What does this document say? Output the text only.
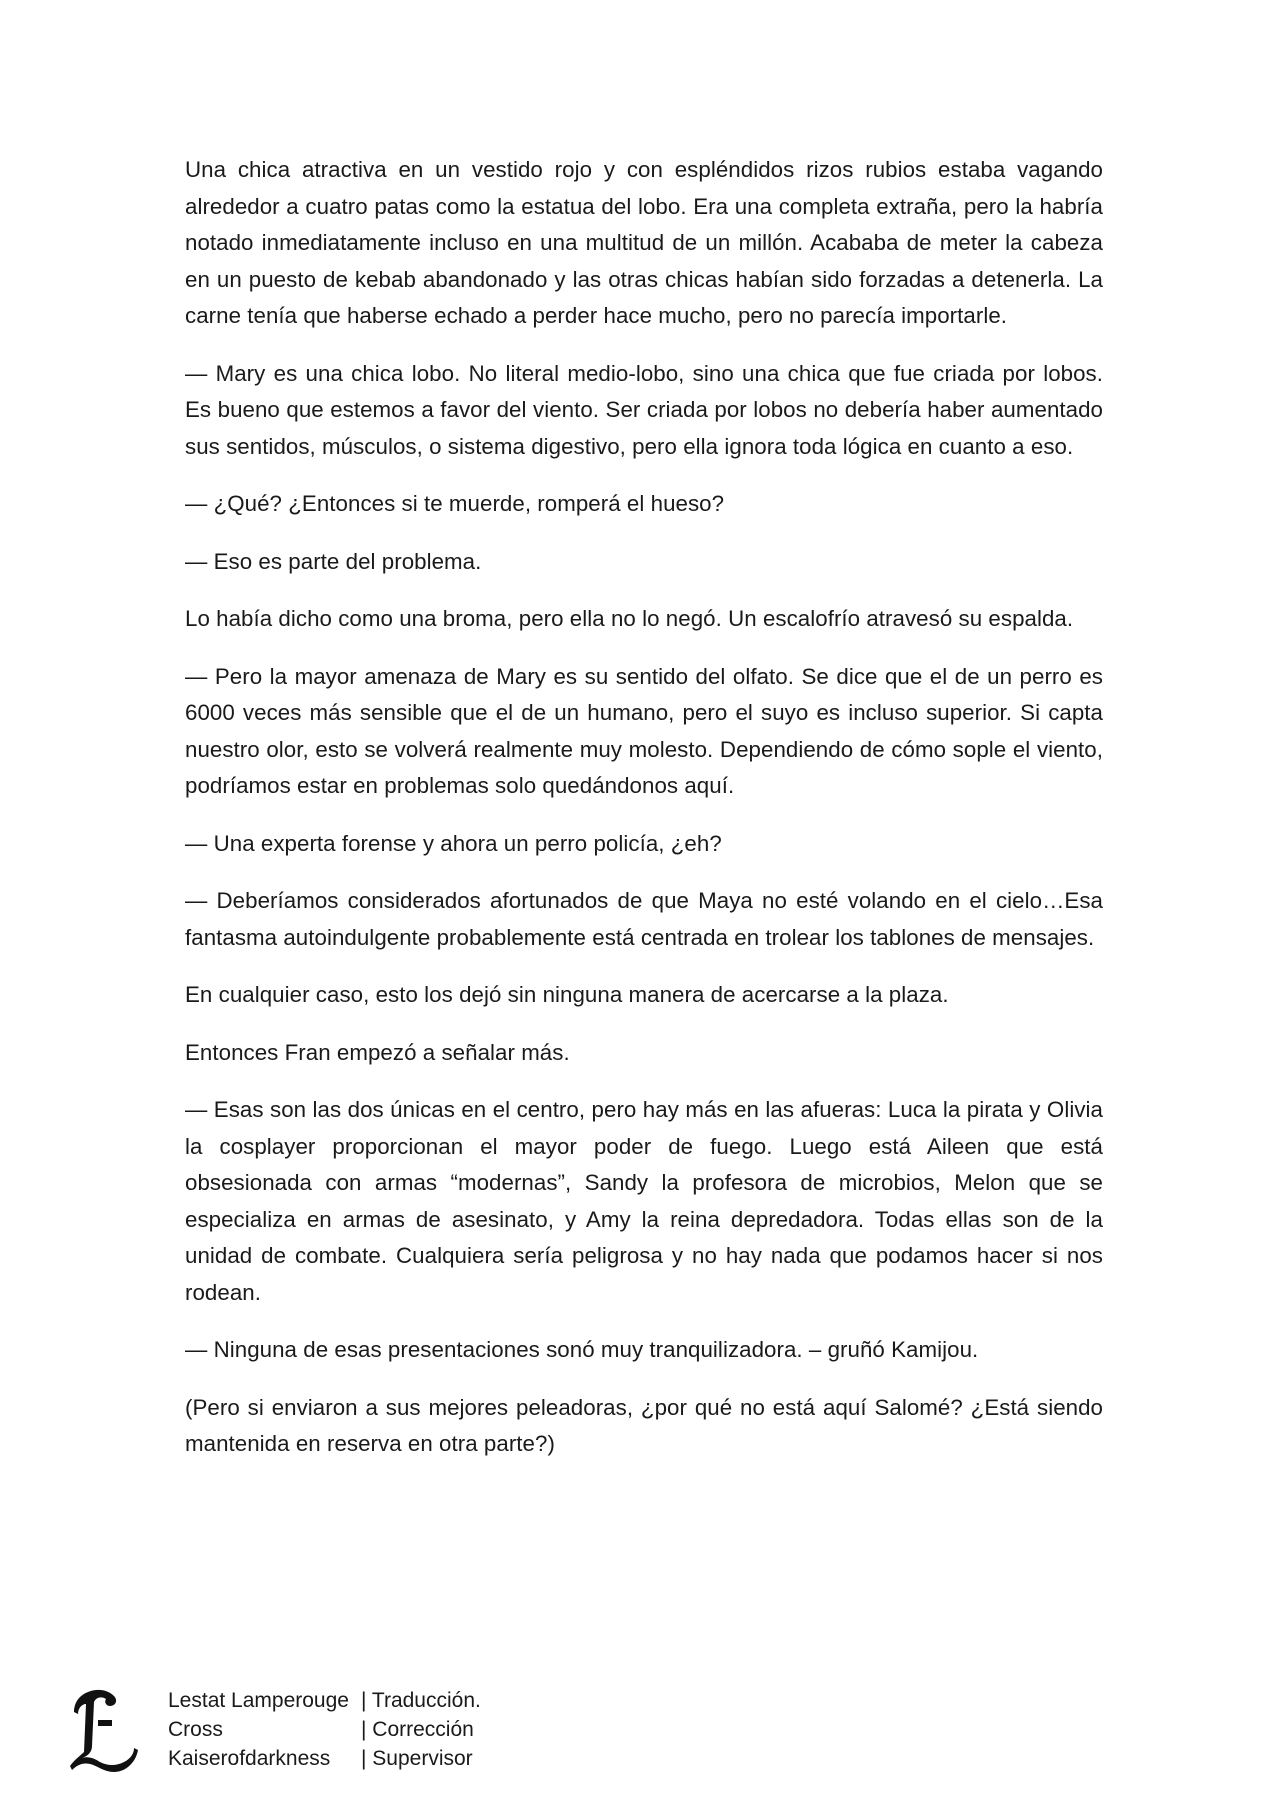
Una chica atractiva en un vestido rojo y con espléndidos rizos rubios estaba vagando alrededor a cuatro patas como la estatua del lobo. Era una completa extraña, pero la habría notado inmediatamente incluso en una multitud de un millón. Acababa de meter la cabeza en un puesto de kebab abandonado y las otras chicas habían sido forzadas a detenerla. La carne tenía que haberse echado a perder hace mucho, pero no parecía importarle.

— Mary es una chica lobo. No literal medio-lobo, sino una chica que fue criada por lobos. Es bueno que estemos a favor del viento. Ser criada por lobos no debería haber aumentado sus sentidos, músculos, o sistema digestivo, pero ella ignora toda lógica en cuanto a eso.

— ¿Qué? ¿Entonces si te muerde, romperá el hueso?

— Eso es parte del problema.

Lo había dicho como una broma, pero ella no lo negó. Un escalofrío atravesó su espalda.

— Pero la mayor amenaza de Mary es su sentido del olfato. Se dice que el de un perro es 6000 veces más sensible que el de un humano, pero el suyo es incluso superior. Si capta nuestro olor, esto se volverá realmente muy molesto. Dependiendo de cómo sople el viento, podríamos estar en problemas solo quedándonos aquí.

— Una experta forense y ahora un perro policía, ¿eh?

— Deberíamos considerados afortunados de que Maya no esté volando en el cielo…Esa fantasma autoindulgente probablemente está centrada en trolear los tablones de mensajes.

En cualquier caso, esto los dejó sin ninguna manera de acercarse a la plaza.

Entonces Fran empezó a señalar más.

— Esas son las dos únicas en el centro, pero hay más en las afueras: Luca la pirata y Olivia la cosplayer proporcionan el mayor poder de fuego. Luego está Aileen que está obsesionada con armas “modernas”, Sandy la profesora de microbios, Melon que se especializa en armas de asesinato, y Amy la reina depredadora. Todas ellas son de la unidad de combate. Cualquiera sería peligrosa y no hay nada que podamos hacer si nos rodean.

— Ninguna de esas presentaciones sonó muy tranquilizadora. – gruñó Kamijou.

(Pero si enviaron a sus mejores peleadoras, ¿por qué no está aquí Salomé? ¿Está siendo mantenida en reserva en otra parte?)

Lestat Lamperouge | Traducción.
Cross	| Corrección
Kaiserofdarkness	| Supervisor
